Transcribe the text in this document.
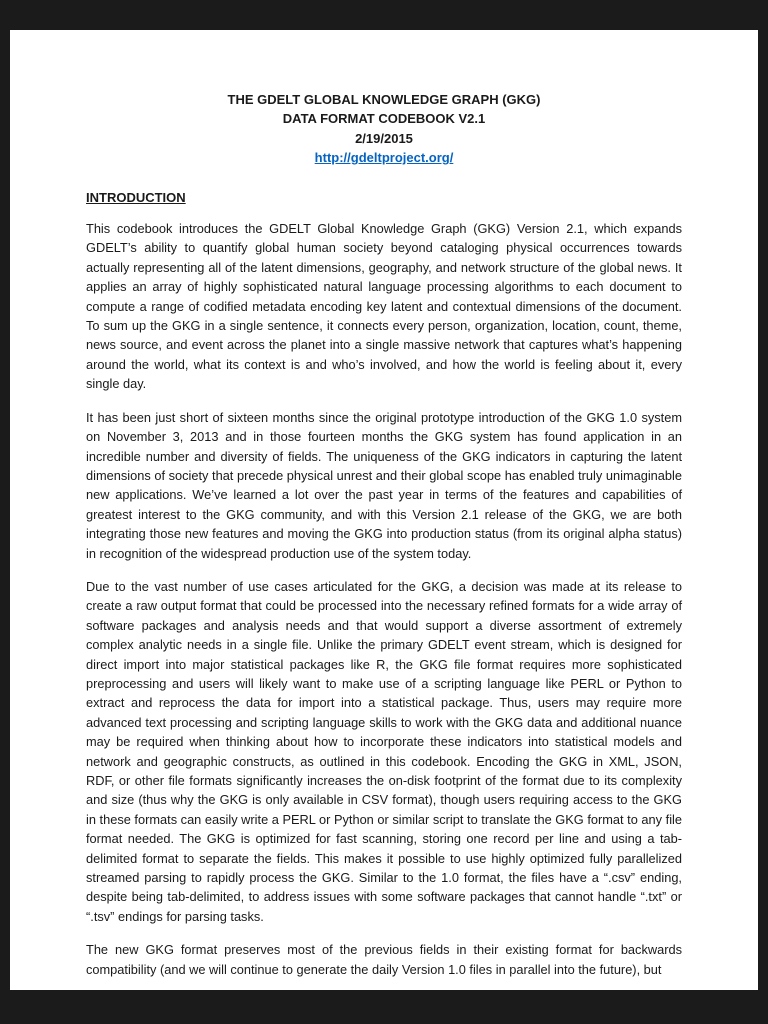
THE GDELT GLOBAL KNOWLEDGE GRAPH (GKG)
DATA FORMAT CODEBOOK V2.1
2/19/2015
http://gdeltproject.org/
INTRODUCTION

This codebook introduces the GDELT Global Knowledge Graph (GKG) Version 2.1, which expands GDELT’s ability to quantify global human society beyond cataloging physical occurrences towards actually representing all of the latent dimensions, geography, and network structure of the global news. It applies an array of highly sophisticated natural language processing algorithms to each document to compute a range of codified metadata encoding key latent and contextual dimensions of the document. To sum up the GKG in a single sentence, it connects every person, organization, location, count, theme, news source, and event across the planet into a single massive network that captures what’s happening around the world, what its context is and who’s involved, and how the world is feeling about it, every single day.

It has been just short of sixteen months since the original prototype introduction of the GKG 1.0 system on November 3, 2013 and in those fourteen months the GKG system has found application in an incredible number and diversity of fields. The uniqueness of the GKG indicators in capturing the latent dimensions of society that precede physical unrest and their global scope has enabled truly unimaginable new applications. We’ve learned a lot over the past year in terms of the features and capabilities of greatest interest to the GKG community, and with this Version 2.1 release of the GKG, we are both integrating those new features and moving the GKG into production status (from its original alpha status) in recognition of the widespread production use of the system today.

Due to the vast number of use cases articulated for the GKG, a decision was made at its release to create a raw output format that could be processed into the necessary refined formats for a wide array of software packages and analysis needs and that would support a diverse assortment of extremely complex analytic needs in a single file. Unlike the primary GDELT event stream, which is designed for direct import into major statistical packages like R, the GKG file format requires more sophisticated preprocessing and users will likely want to make use of a scripting language like PERL or Python to extract and reprocess the data for import into a statistical package. Thus, users may require more advanced text processing and scripting language skills to work with the GKG data and additional nuance may be required when thinking about how to incorporate these indicators into statistical models and network and geographic constructs, as outlined in this codebook. Encoding the GKG in XML, JSON, RDF, or other file formats significantly increases the on-disk footprint of the format due to its complexity and size (thus why the GKG is only available in CSV format), though users requiring access to the GKG in these formats can easily write a PERL or Python or similar script to translate the GKG format to any file format needed. The GKG is optimized for fast scanning, storing one record per line and using a tab-delimited format to separate the fields. This makes it possible to use highly optimized fully parallelized streamed parsing to rapidly process the GKG. Similar to the 1.0 format, the files have a “.csv” ending, despite being tab-delimited, to address issues with some software packages that cannot handle “.txt” or “.tsv” endings for parsing tasks.

The new GKG format preserves most of the previous fields in their existing format for backwards compatibility (and we will continue to generate the daily Version 1.0 files in parallel into the future), but
